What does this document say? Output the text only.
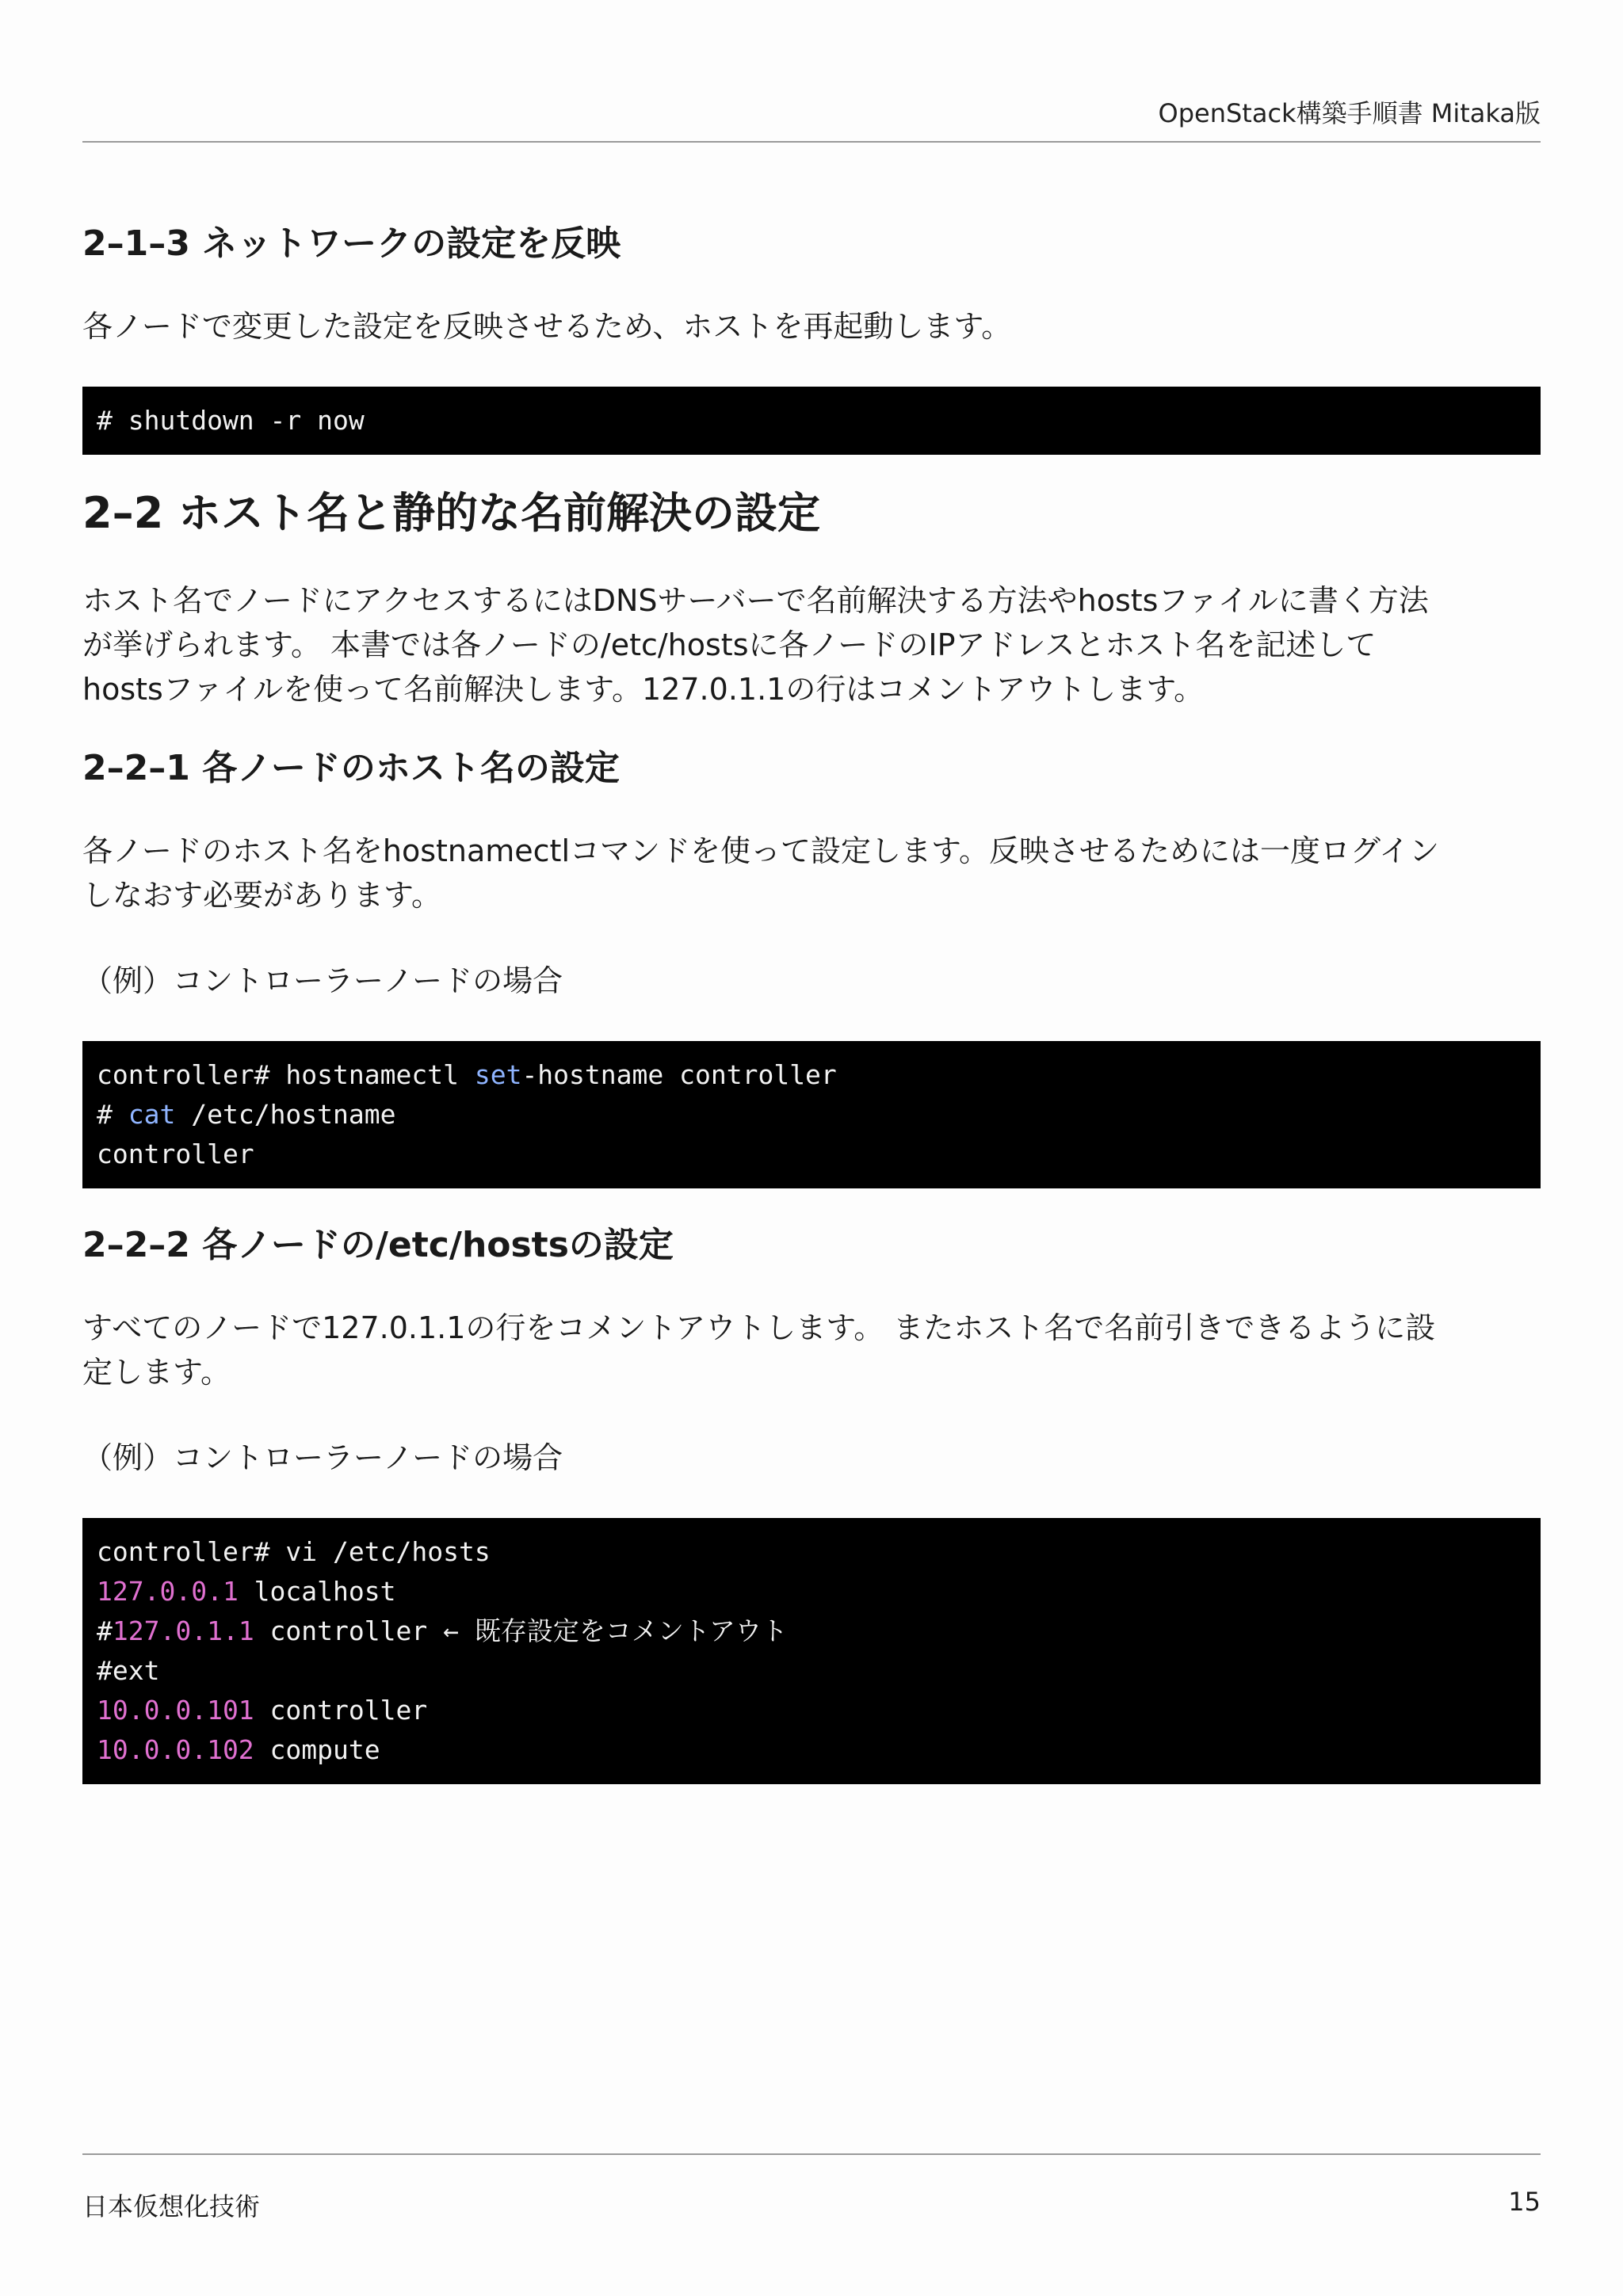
OpenStack構築手順書 Mitaka版
2–1–3 ネットワークの設定を反映

各ノードで変更した設定を反映させるため、ホストを再起動します。

# shutdown -r now
2–2 ホスト名と静的な名前解決の設定

ホスト名でノードにアクセスするにはDNSサーバーで名前解決する方法やhostsファイルに書く方法
が挙げられます。 本書では各ノードの/etc/hostsに各ノードのIPアドレスとホスト名を記述して
hostsファイルを使って名前解決します。127.0.1.1の行はコメントアウトします。

2–2–1 各ノードのホスト名の設定

各ノードのホスト名をhostnamectlコマンドを使って設定します。反映させるためには一度ログイン
しなおす必要があります。

（例）コントローラーノードの場合

controller# hostnamectl set-hostname controller
# cat /etc/hostname
controller
2–2–2 各ノードの/etc/hostsの設定

すべてのノードで127.0.1.1の行をコメントアウトします。 またホスト名で名前引きできるように設
定します。

（例）コントローラーノードの場合

controller# vi /etc/hosts
127.0.0.1 localhost
#127.0.1.1 controller ← 既存設定をコメントアウト
#ext
10.0.0.101 controller
10.0.0.102 compute
日本仮想化技術	15
